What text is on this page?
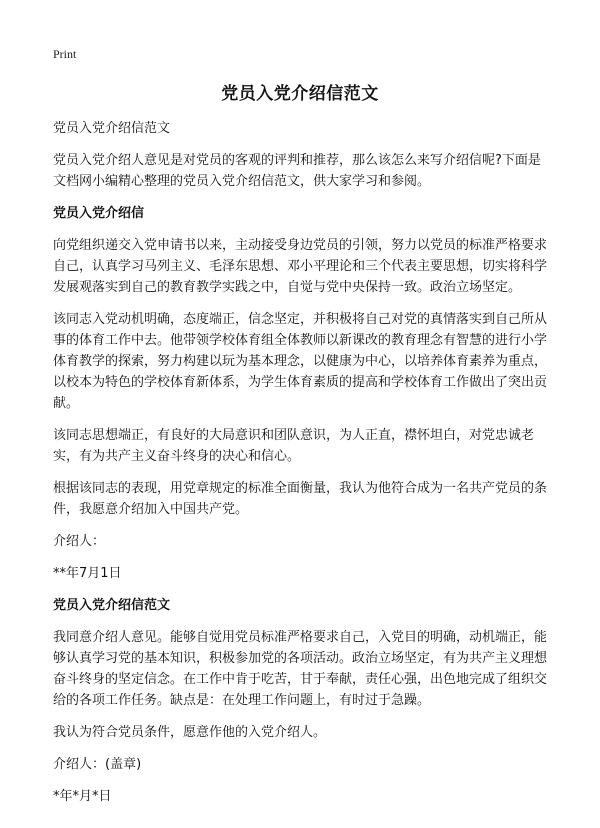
Print
党员入党介绍信范文

党员入党介绍信范文

党员入党介绍人意见是对党员的客观的评判和推荐，那么该怎么来写介绍信呢?下面是文档网小编精心整理的党员入党介绍信范文，供大家学习和参阅。

党员入党介绍信

向党组织递交入党申请书以来，主动接受身边党员的引领，努力以党员的标准严格要求自己，认真学习马列主义、毛泽东思想、邓小平理论和三个代表主要思想，切实将科学发展观落实到自己的教育教学实践之中，自觉与党中央保持一致。政治立场坚定。

该同志入党动机明确，态度端正，信念坚定，并积极将自己对党的真情落实到自己所从事的体育工作中去。他带领学校体育组全体教师以新课改的教育理念有智慧的进行小学体育教学的探索，努力构建以玩为基本理念，以健康为中心，以培养体育素养为重点，以校本为特色的学校体育新体系，为学生体育素质的提高和学校体育工作做出了突出贡献。

该同志思想端正，有良好的大局意识和团队意识，为人正直，襟怀坦白，对党忠诚老实，有为共产主义奋斗终身的决心和信心。

根据该同志的表现，用党章规定的标准全面衡量，我认为他符合成为一名共产党员的条件，我愿意介绍加入中国共产党。

介绍人：

**年7月1日

党员入党介绍信范文

我同意介绍人意见。能够自觉用党员标准严格要求自己，入党目的明确，动机端正，能够认真学习党的基本知识，积极参加党的各项活动。政治立场坚定，有为共产主义理想奋斗终身的坚定信念。在工作中肯于吃苦，甘于奉献，责任心强，出色地完成了组织交给的各项工作任务。缺点是：在处理工作问题上，有时过于急躁。

我认为符合党员条件，愿意作他的入党介绍人。

介绍人：(盖章)

*年*月*日
